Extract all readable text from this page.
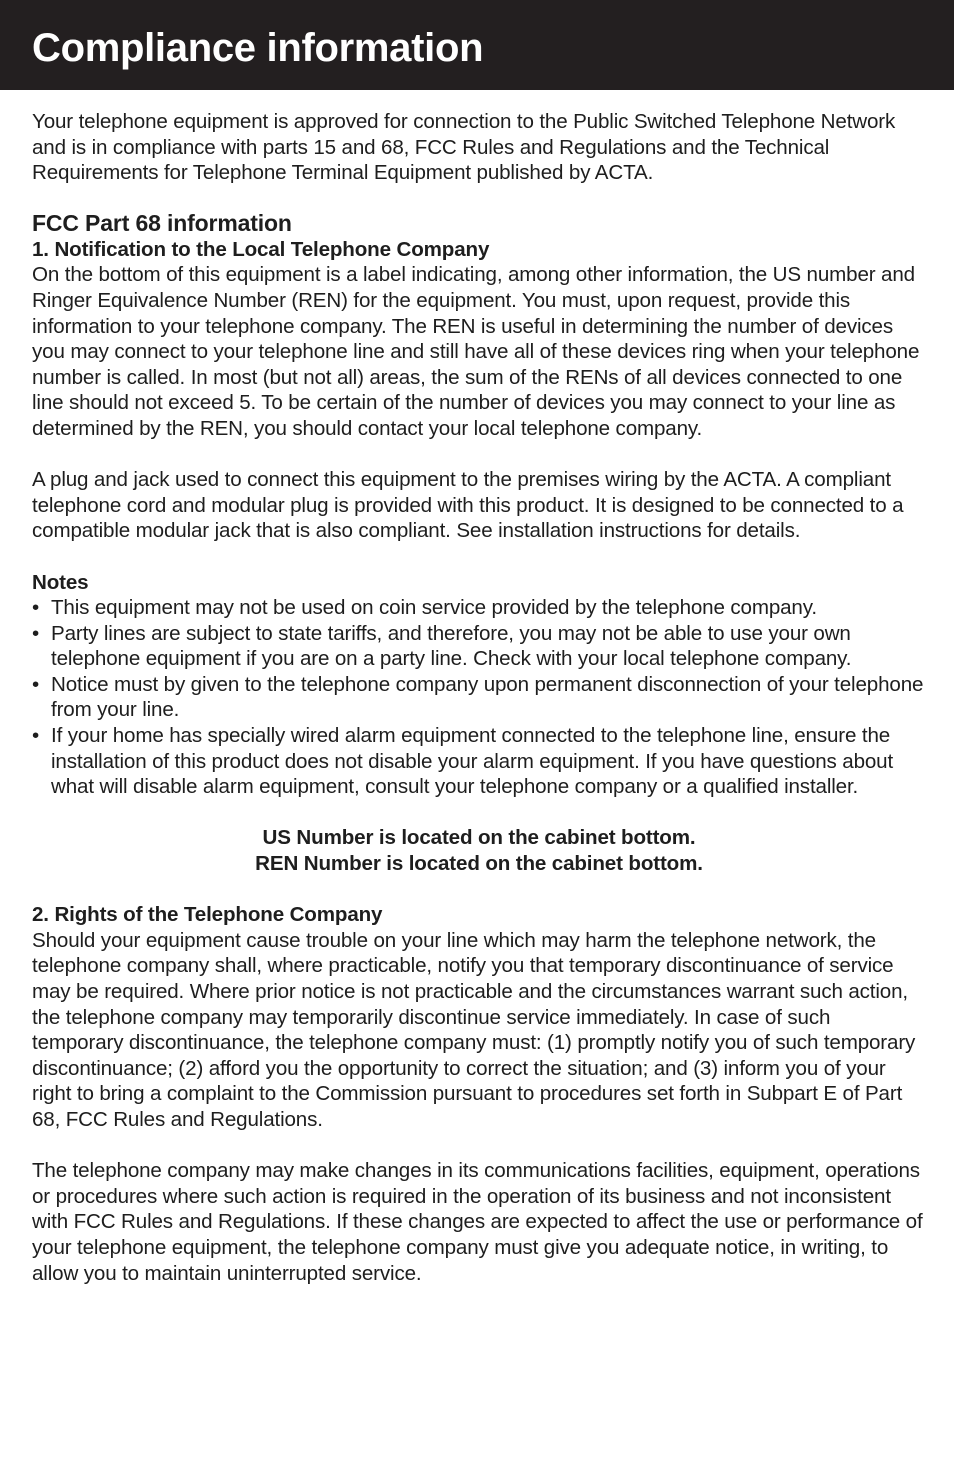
Compliance information

Your telephone equipment is approved for connection to the Public Switched Telephone Network and is in compliance with parts 15 and 68, FCC Rules and Regulations and the Technical Requirements for Telephone Terminal Equipment published by ACTA.

FCC Part 68 information
1. Notification to the Local Telephone Company

On the bottom of this equipment is a label indicating, among other information, the US number and Ringer Equivalence Number (REN) for the equipment. You must, upon request, provide this information to your telephone company. The REN is useful in determining the number of devices you may connect to your telephone line and still have all of these devices ring when your telephone number is called. In most (but not all) areas, the sum of the RENs of all devices connected to one line should not exceed 5. To be certain of the number of devices you may connect to your line as determined by the REN, you should contact your local telephone company.

A plug and jack used to connect this equipment to the premises wiring by the ACTA. A compliant telephone cord and modular plug is provided with this product. It is designed to be connected to a compatible modular jack that is also compliant. See installation instructions for details.

Notes
• This equipment may not be used on coin service provided by the telephone company.
• Party lines are subject to state tariffs, and therefore, you may not be able to use your own telephone equipment if you are on a party line. Check with your local telephone company.
• Notice must by given to the telephone company upon permanent disconnection of your telephone from your line.
• If your home has specially wired alarm equipment connected to the telephone line, ensure the installation of this product does not disable your alarm equipment. If you have questions about what will disable alarm equipment, consult your telephone company or a qualified installer.
US Number is located on the cabinet bottom.
REN Number is located on the cabinet bottom.
2. Rights of the Telephone Company

Should your equipment cause trouble on your line which may harm the telephone network, the telephone company shall, where practicable, notify you that temporary discontinuance of service may be required. Where prior notice is not practicable and the circumstances warrant such action, the telephone company may temporarily discontinue service immediately. In case of such temporary discontinuance, the telephone company must: (1) promptly notify you of such temporary discontinuance; (2) afford you the opportunity to correct the situation; and (3) inform you of your right to bring a complaint to the Commission pursuant to procedures set forth in Subpart E of Part 68, FCC Rules and Regulations.

The telephone company may make changes in its communications facilities, equipment, operations or procedures where such action is required in the operation of its business and not inconsistent with FCC Rules and Regulations. If these changes are expected to affect the use or performance of your telephone equipment, the telephone company must give you adequate notice, in writing, to allow you to maintain uninterrupted service.
